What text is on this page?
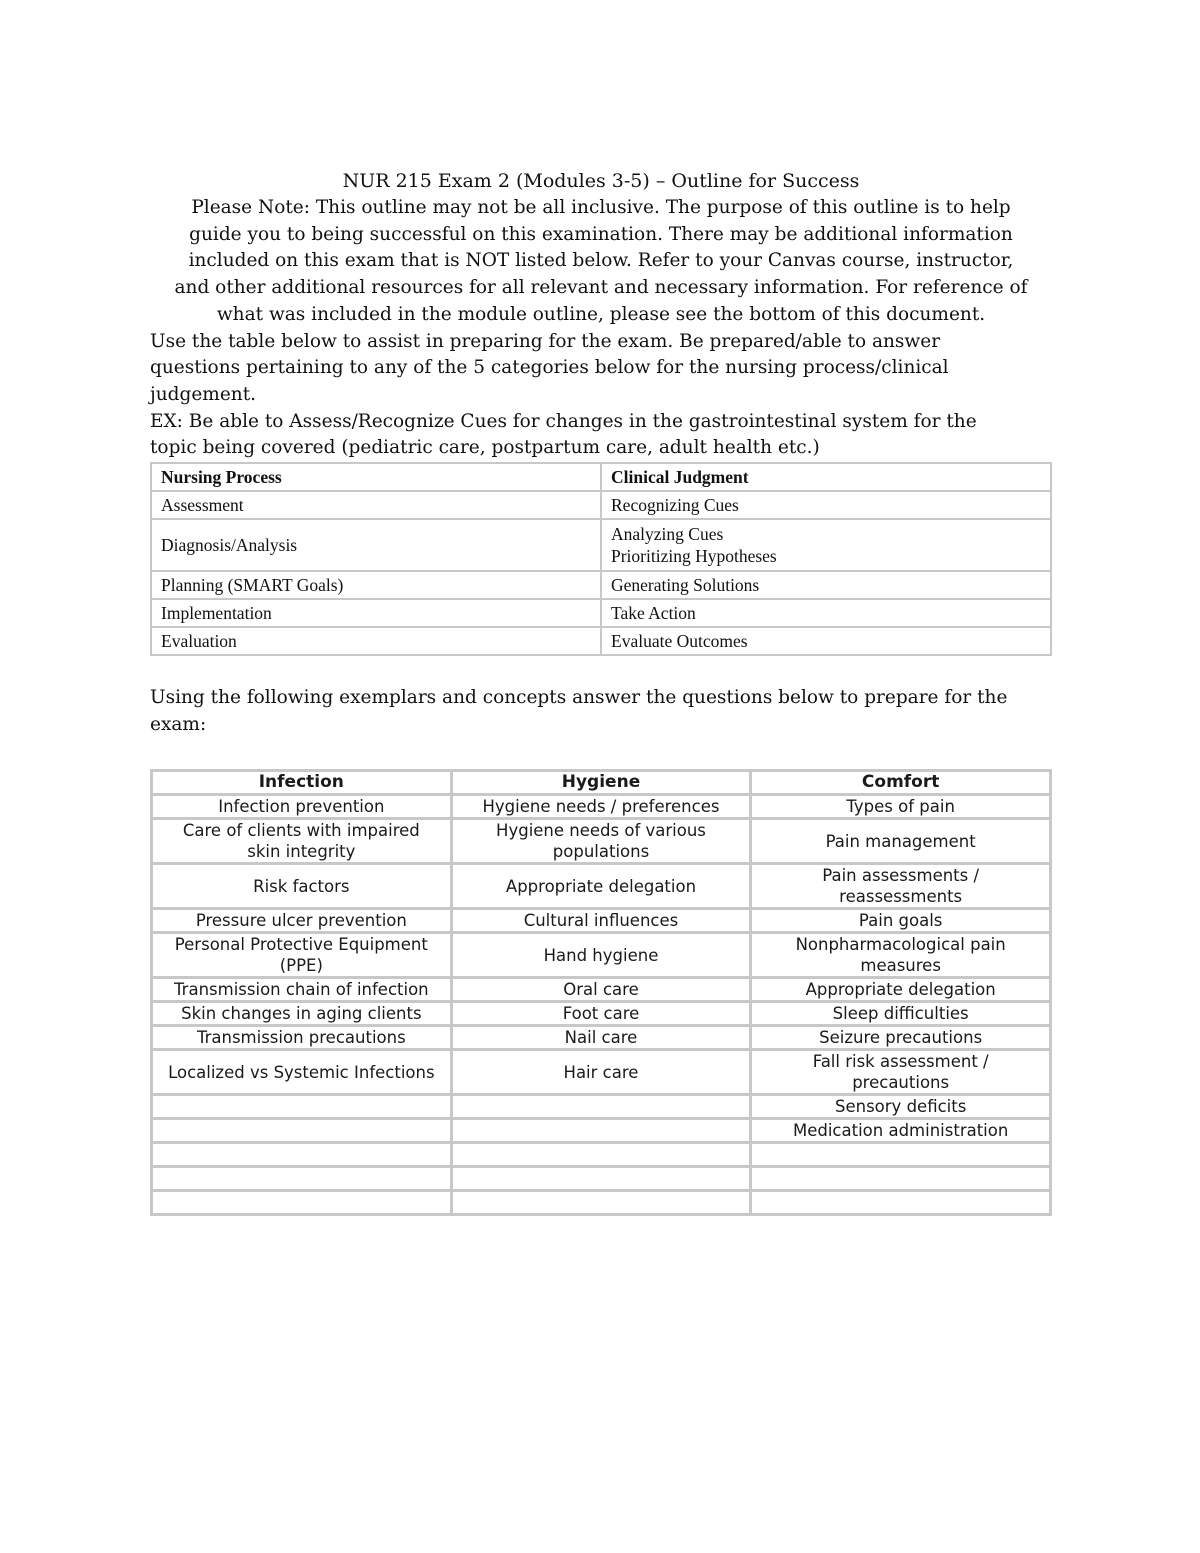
NUR 215 Exam 2 (Modules 3-5) – Outline for Success

Please Note: This outline may not be all inclusive. The purpose of this outline is to help

guide you to being successful on this examination. There may be additional information

included on this exam that is NOT listed below. Refer to your Canvas course, instructor,

and other additional resources for all relevant and necessary information. For reference of

what was included in the module outline, please see the bottom of this document.

Use the table below to assist in preparing for the exam. Be prepared/able to answer

questions pertaining to any of the 5 categories below for the nursing process/clinical

judgement.

EX: Be able to Assess/Recognize Cues for changes in the gastrointestinal system for the

topic being covered (pediatric care, postpartum care, adult health etc.)

Nursing Process	Clinical Judgment
Assessment	Recognizing Cues
Diagnosis/Analysis	Analyzing Cues
Prioritizing Hypotheses

Planning (SMART Goals)	Generating Solutions
Implementation	Take Action
Evaluation	Evaluate Outcomes
Using the following exemplars and concepts answer the questions below to prepare for the
exam:
Infection	Hygiene	Comfort
Infection prevention	Hygiene needs / preferences	Types of pain
Care of clients with impaired skin integrity	Hygiene needs of various populations	Pain management
Risk factors	Appropriate delegation	Pain assessments / reassessments
Pressure ulcer prevention	Cultural influences	Pain goals
Personal Protective Equipment (PPE)	Hand hygiene	Nonpharmacological pain measures
Transmission chain of infection	Oral care	Appropriate delegation
Skin changes in aging clients	Foot care	Sleep difficulties
Transmission precautions	Nail care	Seizure precautions
Localized vs Systemic Infections	Hair care	Fall risk assessment / precautions
		Sensory deficits
		Medication administration
